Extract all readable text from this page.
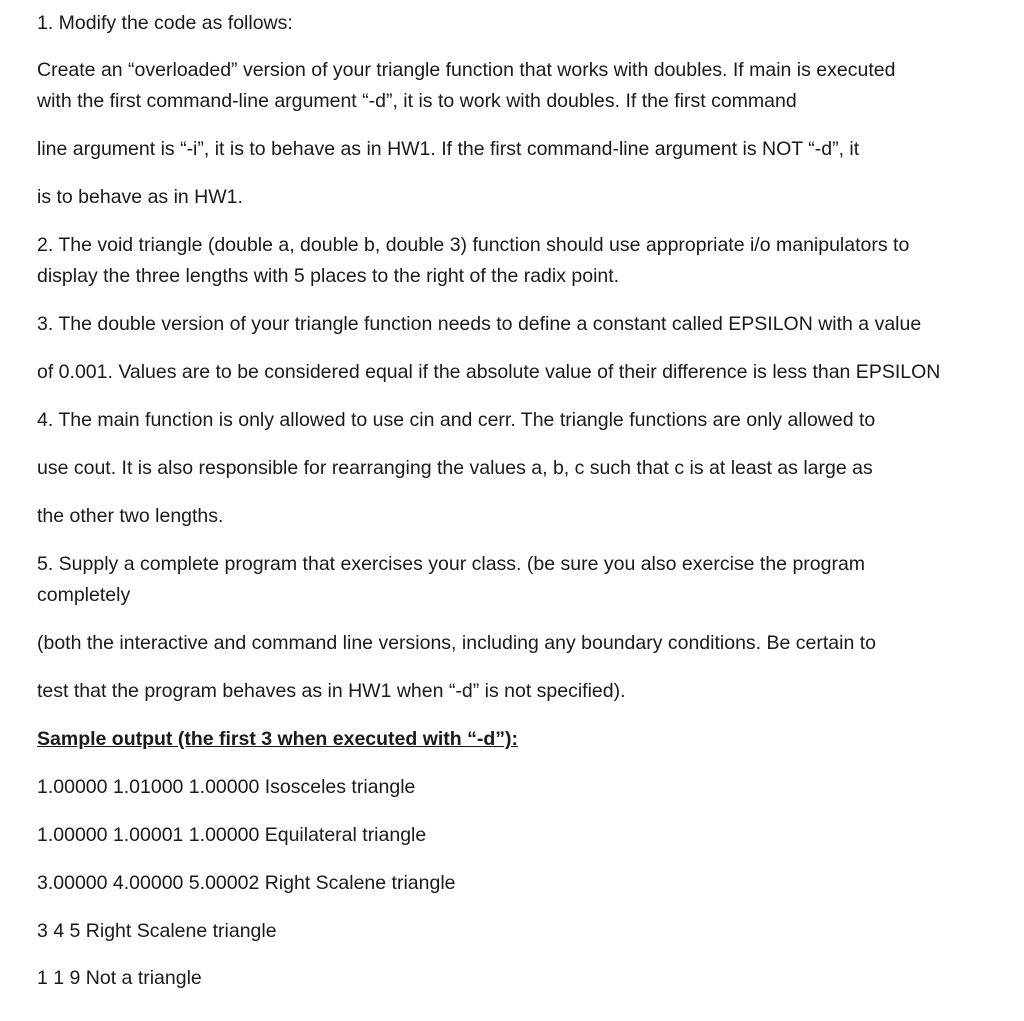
1. Modify the code as follows:
Create an “overloaded” version of your triangle function that works with doubles. If main is executed
with the first command-line argument “-d”, it is to work with doubles. If the first command
line argument is “-i”, it is to behave as in HW1. If the first command-line argument is NOT “-d”, it
is to behave as in HW1.
2. The void triangle (double a, double b, double 3) function should use appropriate i/o manipulators to
display the three lengths with 5 places to the right of the radix point.
3. The double version of your triangle function needs to define a constant called EPSILON with a value
of 0.001. Values are to be considered equal if the absolute value of their difference is less than EPSILON
4. The main function is only allowed to use cin and cerr. The triangle functions are only allowed to
use cout. It is also responsible for rearranging the values a, b, c such that c is at least as large as
the other two lengths.
5. Supply a complete program that exercises your class. (be sure you also exercise the program
completely
(both the interactive and command line versions, including any boundary conditions. Be certain to
test that the program behaves as in HW1 when “-d” is not specified).
Sample output (the first 3 when executed with “-d”):
1.00000 1.01000 1.00000 Isosceles triangle
1.00000 1.00001 1.00000 Equilateral triangle
3.00000 4.00000 5.00002 Right Scalene triangle
3 4 5 Right Scalene triangle
1 1 9 Not a triangle
